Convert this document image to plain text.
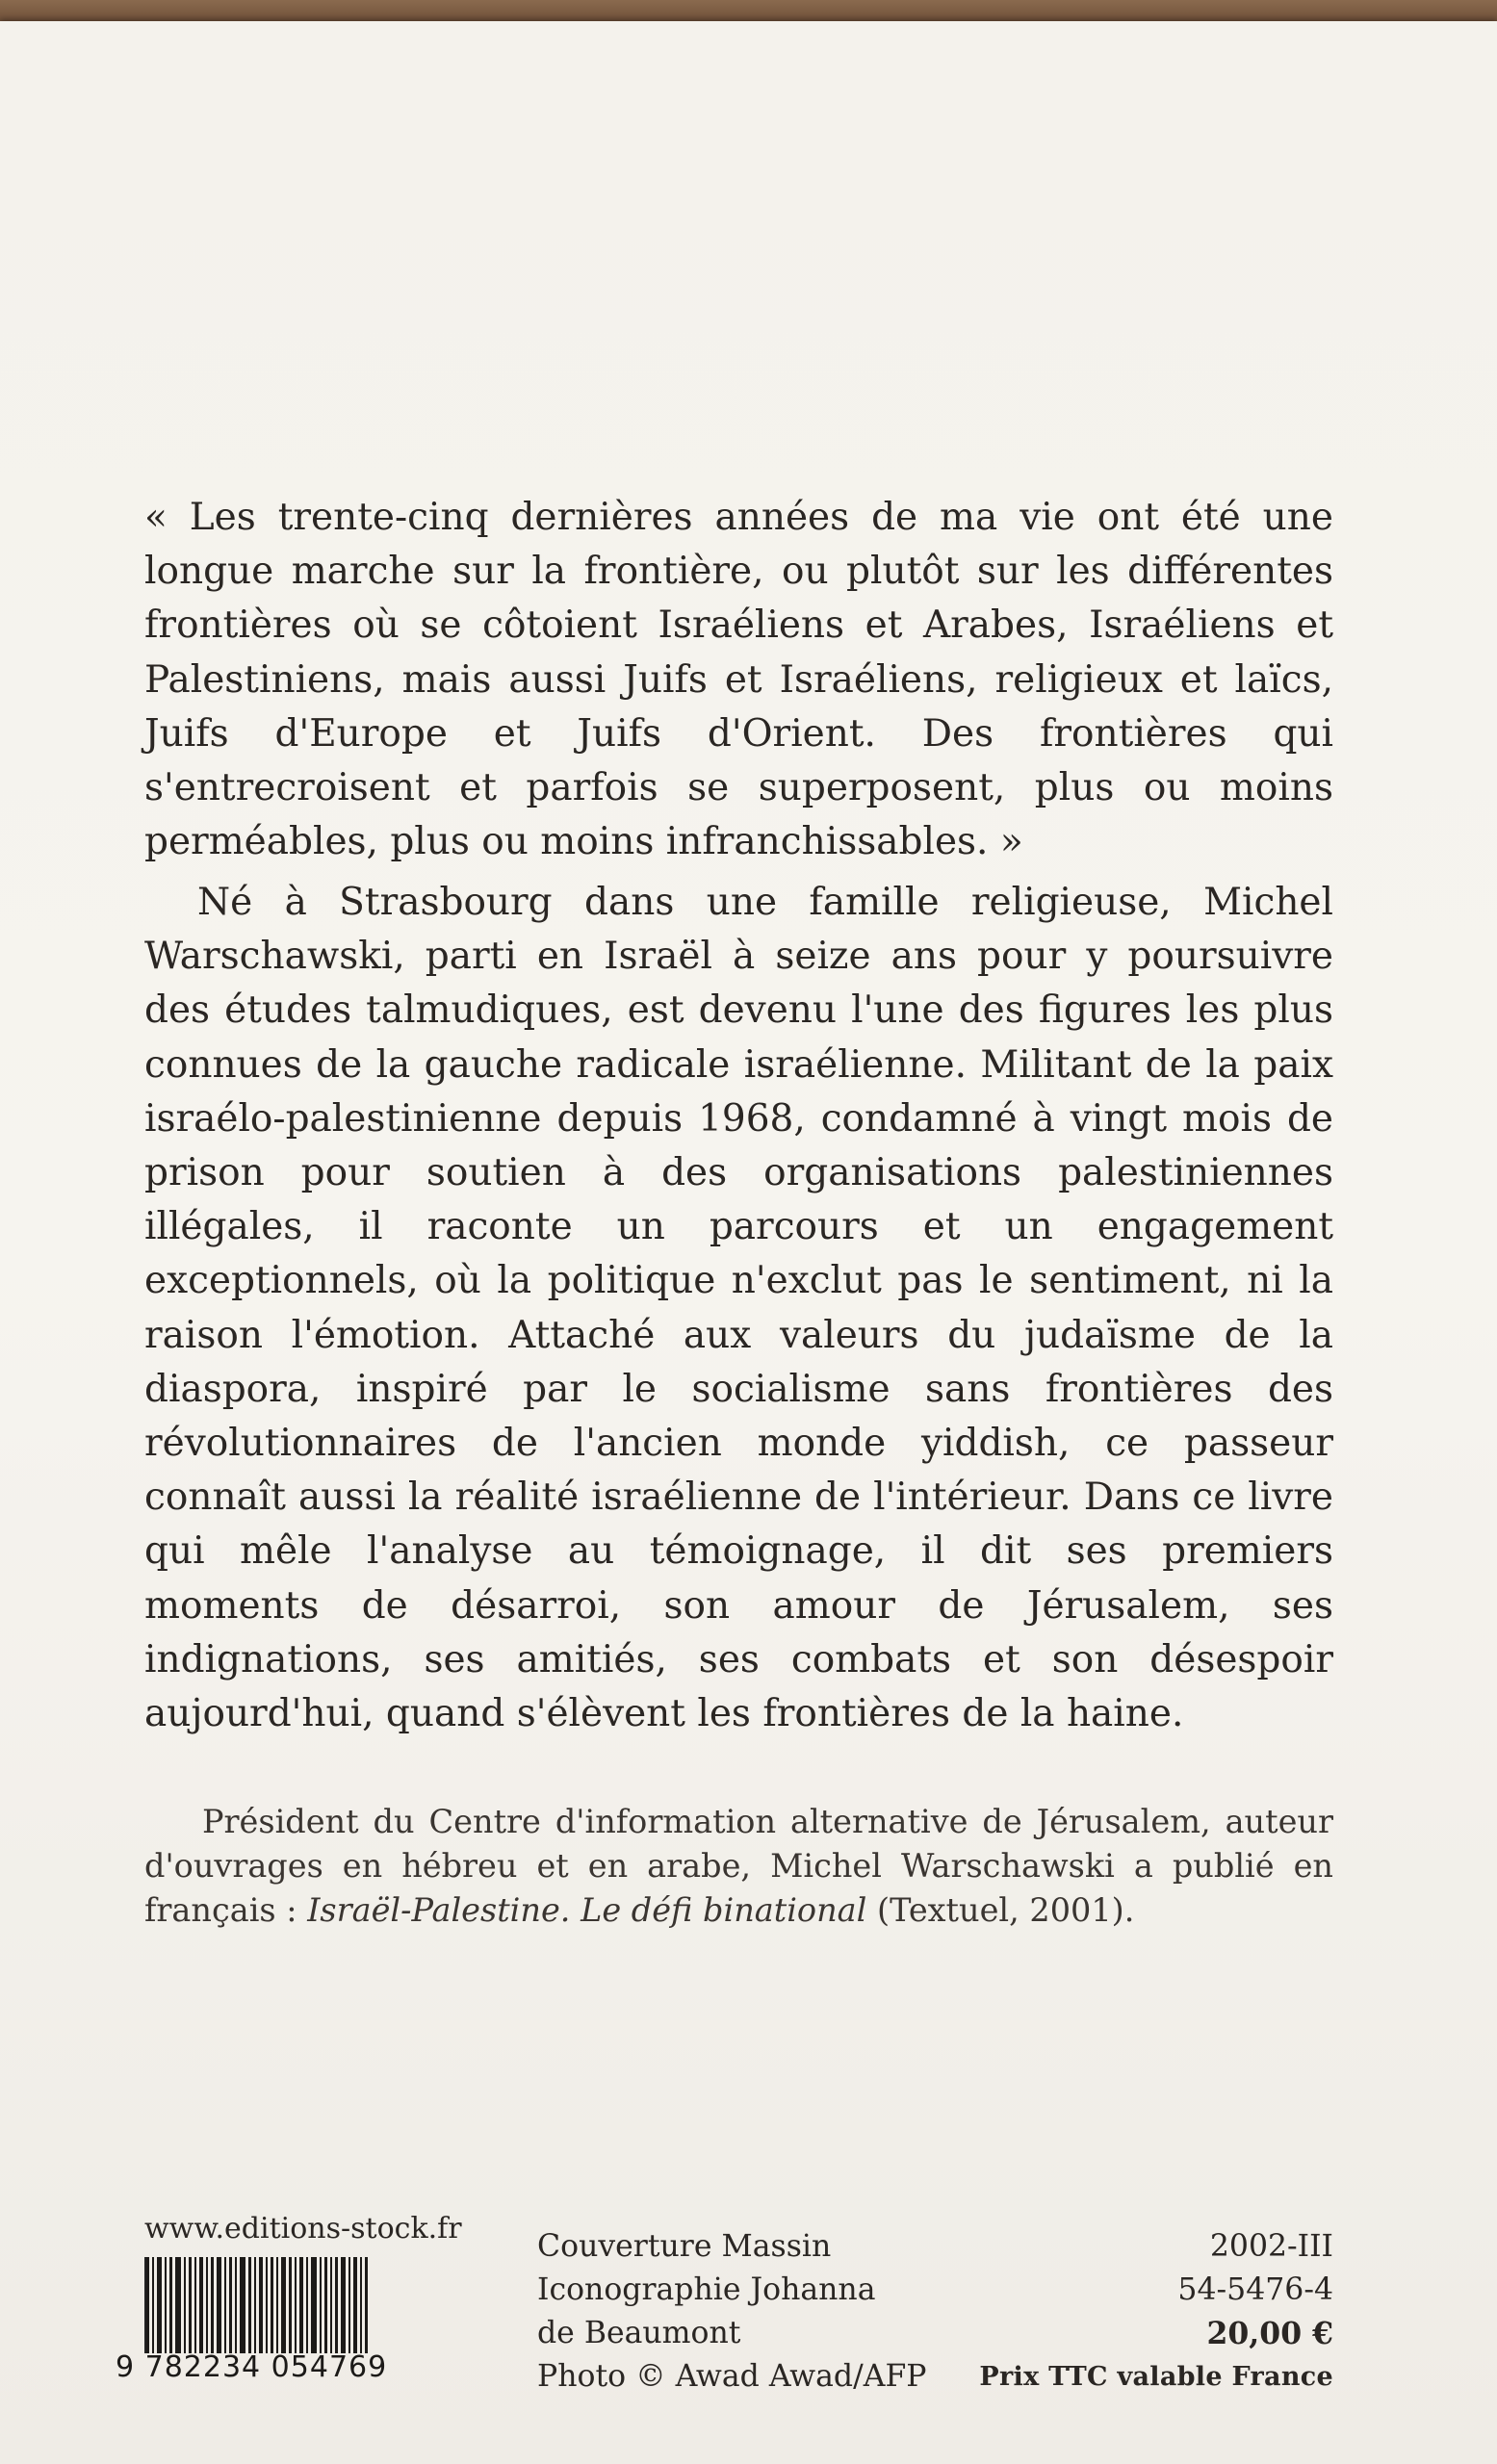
« Les trente-cinq dernières années de ma vie ont été une longue marche sur la frontière, ou plutôt sur les différentes frontières où se côtoient Israéliens et Arabes, Israéliens et Palestiniens, mais aussi Juifs et Israéliens, religieux et laïcs, Juifs d'Europe et Juifs d'Orient. Des frontières qui s'entrecroisent et parfois se superposent, plus ou moins perméables, plus ou moins infranchissables. »

Né à Strasbourg dans une famille religieuse, Michel Warschawski, parti en Israël à seize ans pour y poursuivre des études talmudiques, est devenu l'une des figures les plus connues de la gauche radicale israélienne. Militant de la paix israélo-palestinienne depuis 1968, condamné à vingt mois de prison pour soutien à des organisations palestiniennes illégales, il raconte un parcours et un engagement exceptionnels, où la politique n'exclut pas le sentiment, ni la raison l'émotion. Attaché aux valeurs du judaïsme de la diaspora, inspiré par le socialisme sans frontières des révolutionnaires de l'ancien monde yiddish, ce passeur connaît aussi la réalité israélienne de l'intérieur. Dans ce livre qui mêle l'analyse au témoignage, il dit ses premiers moments de désarroi, son amour de Jérusalem, ses indignations, ses amitiés, ses combats et son désespoir aujourd'hui, quand s'élèvent les frontières de la haine.

Président du Centre d'information alternative de Jérusalem, auteur d'ouvrages en hébreu et en arabe, Michel Warschawski a publié en français : Israël-Palestine. Le défi binational (Textuel, 2001).

www.editions-stock.fr
9 782234 054769
Couverture Massin
Iconographie Johanna
de Beaumont
Photo © Awad Awad/AFP
2002-III
54-5476-4
20,00 €
Prix TTC valable France
